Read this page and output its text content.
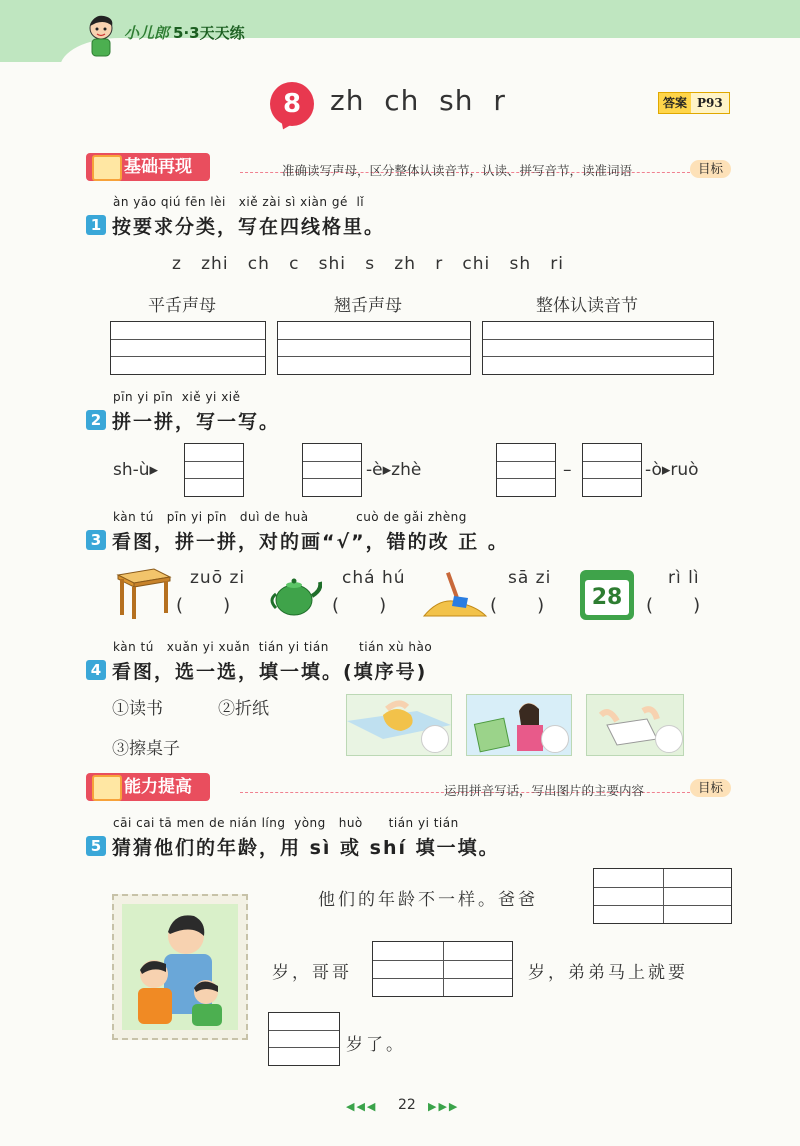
小儿郎 5·3天天练
8	zh  ch  sh  r	答案 P93
基础再现	准确读写声母，区分整体认读音节，认读、拼写音节，读准词语	目标
àn yāo qiú fēn lèi   xiě zài sì xiàn gé  lǐ
1 按要求分类，写在四线格里。
z   zhi   ch   c   shi   s   zh   r   chi   sh   ri
平舌声母	翘舌声母	整体认读音节
pīn yi pīn  xiě yi xiě
2 拼一拼，写一写。
sh-ù▸	-è▸zhè	–	-ò▸ruò
kàn tú   pīn yi pīn   duì de huà           cuò de gǎi zhèng
3 看图，拼一拼，对的画“√”，错的改 正 。
zuō zi
(       )
chá hú
(       )
sā zi
(       )	28
rì lì
(       )
kàn tú   xuǎn yi xuǎn  tián yi tián       tián xù hào
4 看图，选一选，填一填。(填序号)
①读书	②折纸
③擦桌子
能力提高	运用拼音写话，写出图片的主要内容	目标
cāi cai tā men de nián líng  yòng   huò      tián yi tián
5 猜猜他们的年龄，用 sì 或 shí 填一填。
他们的年龄不一样。爸爸
岁，哥哥	岁，弟弟马上就要
岁了。
◀◀◀ 22 ▶▶▶
